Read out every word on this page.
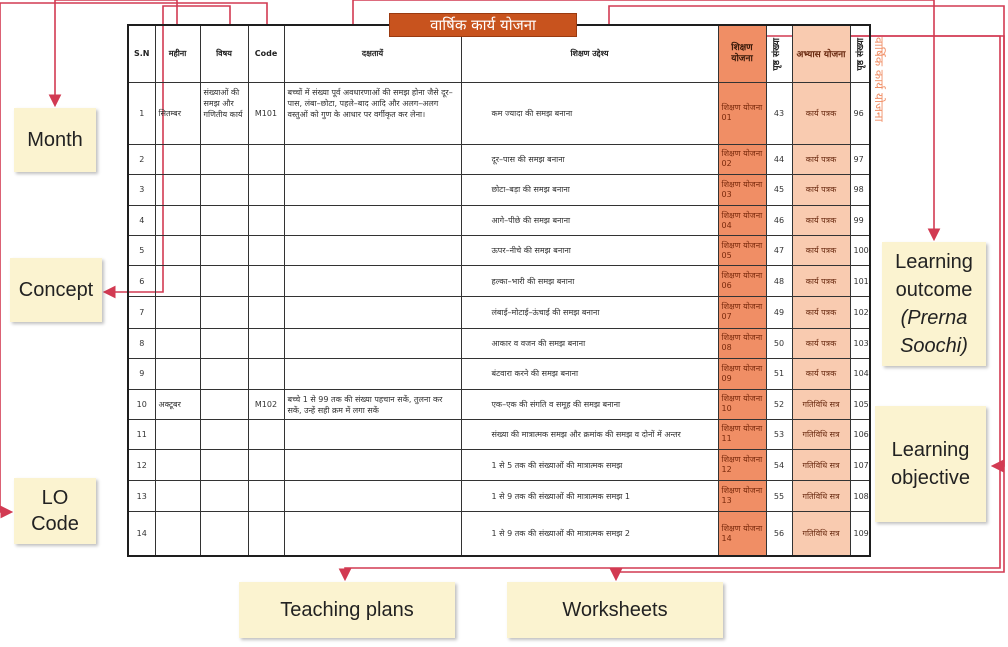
S.N	महीना	विषय	Code	दक्षतायें	शिक्षण उद्देश्य	शिक्षण योजना	पृष्ठ संख्या	अभ्यास योजना	पृष्ठ संख्या

1	सितम्बर	संख्याओं की समझ और गणितीय कार्य	M101	बच्चों में संख्या पूर्व अवधारणाओं की समझ होना जैसे दूर–पास, लंबा–छोटा, पहले–बाद आदि और अलग–अलग वस्तुओं को गुण के आधार पर वर्गीकृत कर लेना।	कम ज्यादा की समझ बनाना	शिक्षण योजना 01	43	कार्य पत्रक	96
2					दूर–पास की समझ बनाना	शिक्षण योजना 02	44	कार्य पत्रक	97
3					छोटा–बड़ा की समझ बनाना	शिक्षण योजना 03	45	कार्य पत्रक	98
4					आगे–पीछे की समझ बनाना	शिक्षण योजना 04	46	कार्य पत्रक	99
5					ऊपर–नीचे की समझ बनाना	शिक्षण योजना 05	47	कार्य पत्रक	100
6					हल्का–भारी की समझ बनाना	शिक्षण योजना 06	48	कार्य पत्रक	101
7					लंबाई–मोटाई–ऊंचाई की समझ बनाना	शिक्षण योजना 07	49	कार्य पत्रक	102
8					आकार व वजन की समझ बनाना	शिक्षण योजना 08	50	कार्य पत्रक	103
9					बंटवारा करने की समझ बनाना	शिक्षण योजना 09	51	कार्य पत्रक	104
10	अक्टूबर		M102	बच्चे 1 से 99 तक की संख्या पहचान सकें, तुलना कर सकें, उन्हें सही क्रम में लगा सकें	एक–एक की संगति व समूह की समझ बनाना	शिक्षण योजना 10	52	गतिविधि सत्र	105
11					संख्या की मात्रात्मक समझ और क्रमांक की समझ व दोनों में अन्तर	शिक्षण योजना 11	53	गतिविधि सत्र	106
12					1 से 5 तक की संख्याओं की मात्रात्मक समझ	शिक्षण योजना 12	54	गतिविधि सत्र	107
13					1 से 9 तक की संख्याओं की मात्रात्मक समझ 1	शिक्षण योजना 13	55	गतिविधि सत्र	108
14					1 से 9 तक की संख्याओं की मात्रात्मक समझ 2	शिक्षण योजना 14	56	गतिविधि सत्र	109
वार्षिक कार्य योजना
वार्षिक कार्य योजना
Month
Concept
LO
Code
Learning
outcome
(Prerna
Soochi)
Learning
objective
Teaching plans	Worksheets
